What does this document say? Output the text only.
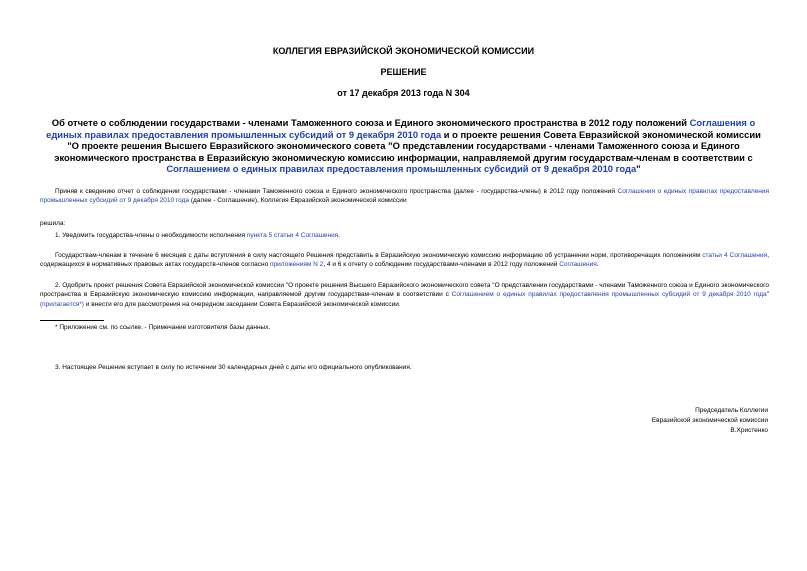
КОЛЛЕГИЯ ЕВРАЗИЙСКОЙ ЭКОНОМИЧЕСКОЙ КОМИССИИ
РЕШЕНИЕ
от 17 декабря 2013 года N 304
Об отчете о соблюдении государствами - членами Таможенного союза и Единого экономического пространства в 2012 году положений Соглашения о единых правилах предоставления промышленных субсидий от 9 декабря 2010 года и о проекте решения Совета Евразийской экономической комиссии "О проекте решения Высшего Евразийского экономического совета "О представлении государствами - членами Таможенного союза и Единого экономического пространства в Евразийскую экономическую комиссию информации, направляемой другим государствам-членам в соответствии с Соглашением о единых правилах предоставления промышленных субсидий от 9 декабря 2010 года"
Приняв к сведению отчет о соблюдении государствами - членами Таможенного союза и Единого экономического пространства (далее - государства-члены) в 2012 году положений Соглашения о единых правилах предоставления промышленных субсидий от 9 декабря 2010 года (далее - Соглашение), Коллегия Евразийской экономической комиссии
решила:
1. Уведомить государства-члены о необходимости исполнения пункта 5 статьи 4 Соглашения.
Государствам-членам в течение 6 месяцев с даты вступления в силу настоящего Решения представить в Евразийскую экономическую комиссию информацию об устранении норм, противоречащих положениям статьи 4 Соглашения, содержащихся в нормативных правовых актах государств-членов согласно приложениям N 2, 4 и 6 к отчету о соблюдении государствами-членами в 2012 году положений Соглашения.
2. Одобрить проект решения Совета Евразийской экономической комиссии "О проекте решения Высшего Евразийского экономического совета "О представлении государствами - членами Таможенного союза и Единого экономического пространства в Евразийскую экономическую комиссию информации, направляемой другим государствам-членам в соответствии с Соглашением о единых правилах предоставления промышленных субсидий от 9 декабря 2010 года" (прилагается*) и внести его для рассмотрения на очередном заседании Совета Евразийской экономической комиссии.
* Приложение см. по ссылке. - Примечание изготовителя базы данных.
3. Настоящее Решение вступает в силу по истечении 30 календарных дней с даты его официального опубликования.
Председатель Коллегии
Евразийской экономической комиссии
В.Христенко
